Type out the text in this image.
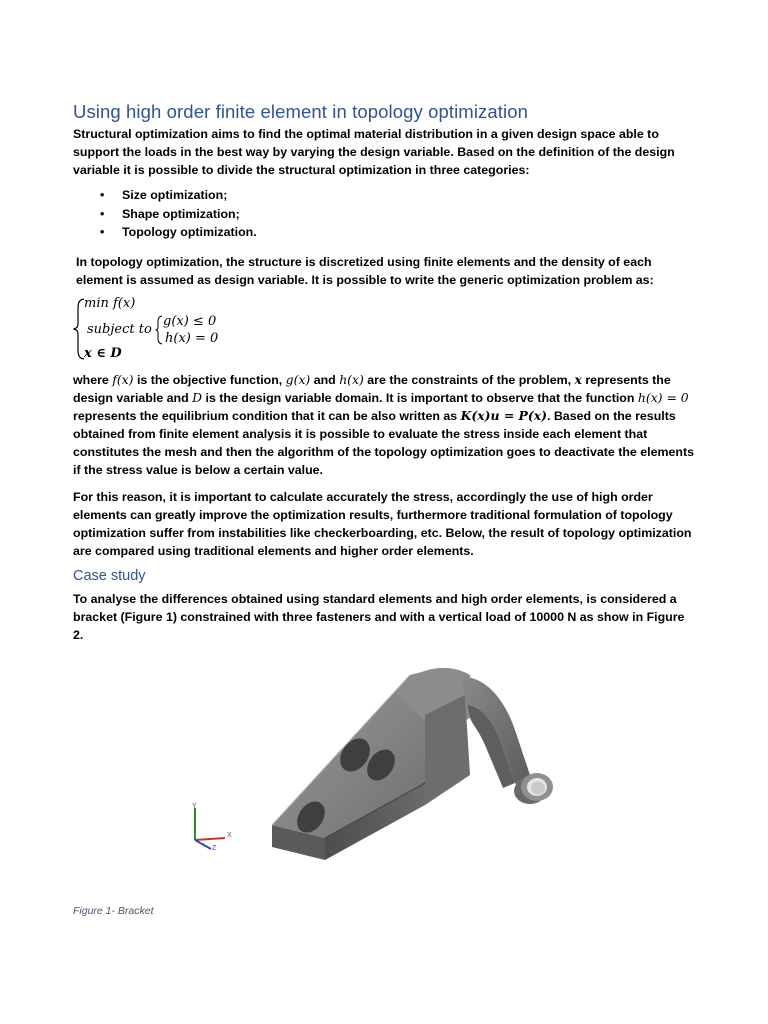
Using high order finite element in topology optimization

Structural optimization aims to find the optimal material distribution in a given design space able to support the loads in the best way by varying the design variable. Based on the definition of the design variable it is possible to divide the structural optimization in three categories:

• Size optimization;
• Shape optimization;
• Topology optimization.

In topology optimization, the structure is discretized using finite elements and the density of each element is assumed as design variable. It is possible to write the generic optimization problem as:

min f(x)
subject to
g(x) ≤ 0
h(x) = 0
x ∈ D

where f(x) is the objective function, g(x) and h(x) are the constraints of the problem, x represents the design variable and D is the design variable domain. It is important to observe that the function h(x) = 0 represents the equilibrium condition that it can be also written as K(x)u = P(x). Based on the results obtained from finite element analysis it is possible to evaluate the stress inside each element that constitutes the mesh and then the algorithm of the topology optimization goes to deactivate the elements if the stress value is below a certain value.

For this reason, it is important to calculate accurately the stress, accordingly the use of high order elements can greatly improve the optimization results, furthermore traditional formulation of topology optimization suffer from instabilities like checkerboarding, etc. Below, the result of topology optimization are compared using traditional elements and higher order elements.

Case study

To analyse the differences obtained using standard elements and high order elements, is considered a bracket (Figure 1) constrained with three fasteners and with a vertical load of 10000 N as show in Figure 2.

Y
X
Z

Figure 1- Bracket
